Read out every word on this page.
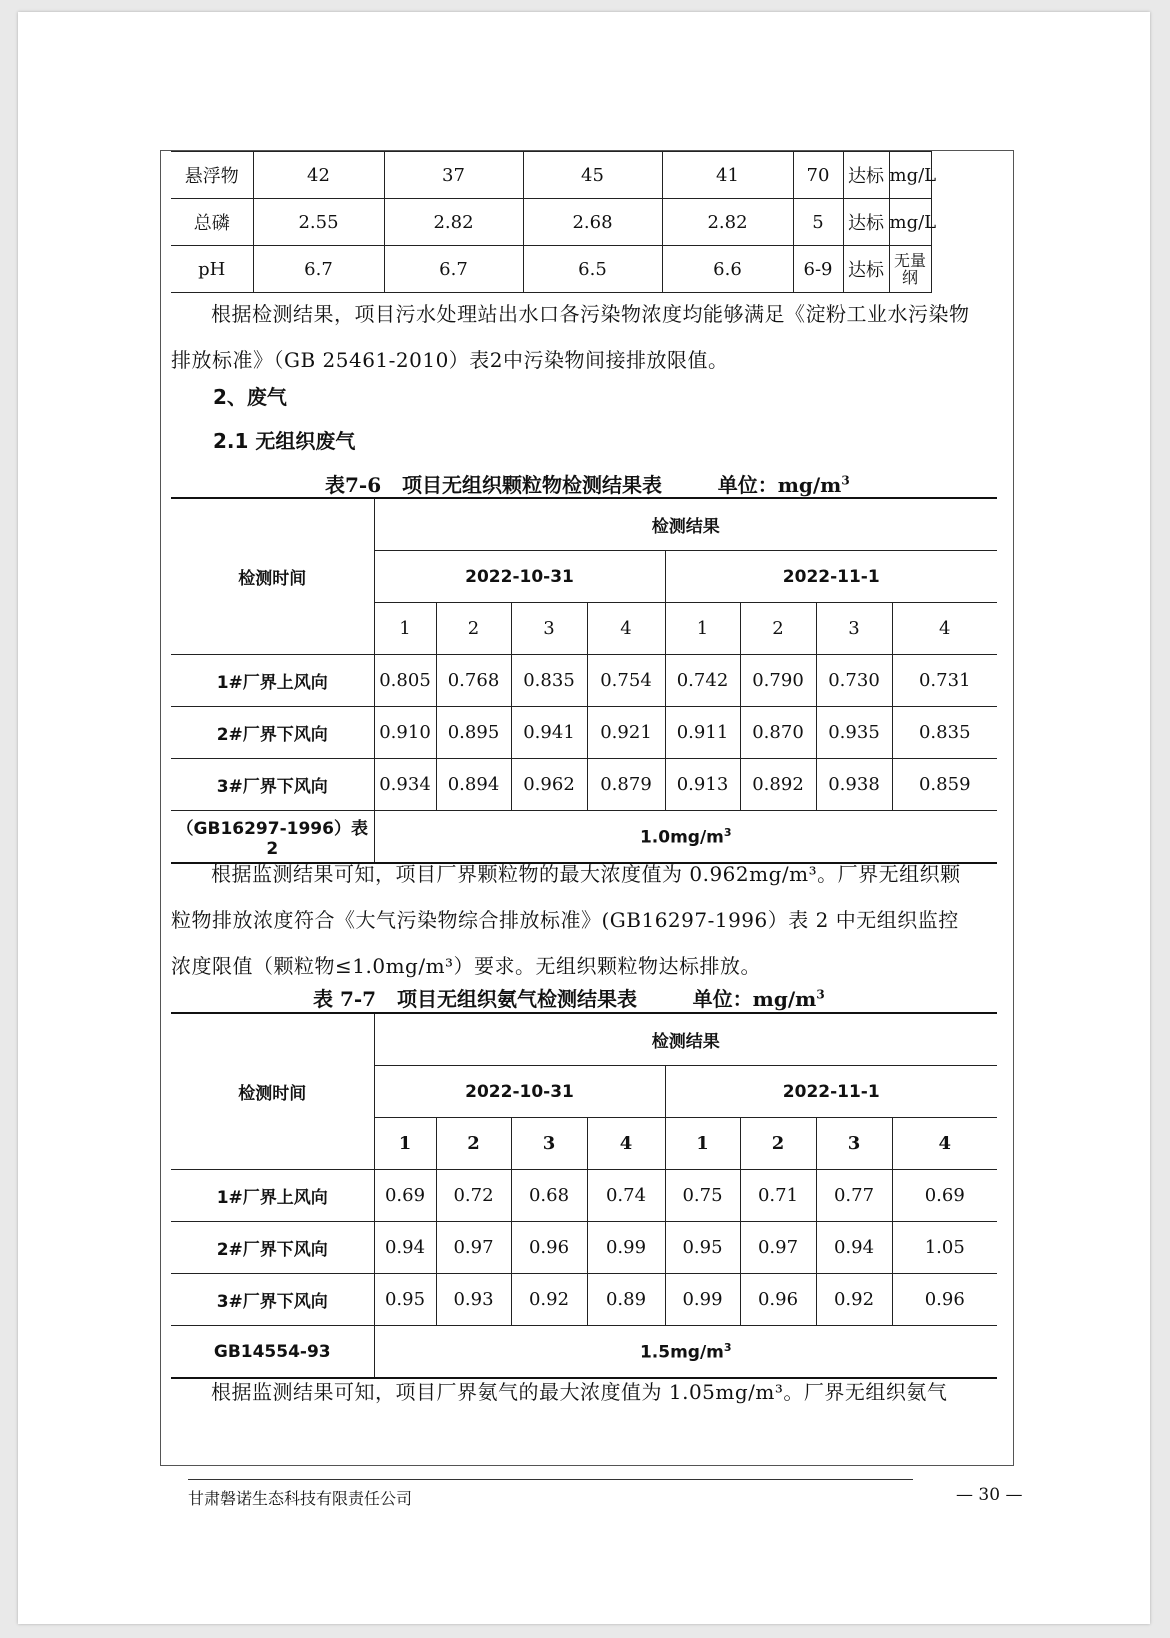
悬浮物	42	37	45	41	70	达标	mg/L
总磷	2.55	2.82	2.68	2.82	5	达标	mg/L
pH	6.7	6.7	6.5	6.6	6-9	达标	无量纲
根据检测结果，项目污水处理站出水口各污染物浓度均能够满足《淀粉工业水污染物排放标准》（GB 25461-2010）表2中污染物间接排放限值。
2、废气
2.1 无组织废气
表7-6   项目无组织颗粒物检测结果表        单位：$mg/m^3$
检测时间	检测结果							
	2022-10-31				2022-11-1			
	1	2	3	4	1	2	3	4
1#厂界上风向	0.805	0.768	0.835	0.754	0.742	0.790	0.730	0.731
2#厂界下风向	0.910	0.895	0.941	0.921	0.911	0.870	0.935	0.835
3#厂界下风向	0.934	0.894	0.962	0.879	0.913	0.892	0.938	0.859
（GB16297-1996）表 2	$1.0mg/m^3$
根据监测结果可知，项目厂界颗粒物的最大浓度值为 0.962mg/m³。厂界无组织颗粒物排放浓度符合《大气污染物综合排放标准》(GB16297-1996）表 2 中无组织监控浓度限值（颗粒物≤1.0mg/m³）要求。无组织颗粒物达标排放。
表 7-7   项目无组织氨气检测结果表        单位：$mg/m^3$
检测时间	检测结果							
	2022-10-31				2022-11-1			
	1	2	3	4	1	2	3	4
1#厂界上风向	0.69	0.72	0.68	0.74	0.75	0.71	0.77	0.69
2#厂界下风向	0.94	0.97	0.96	0.99	0.95	0.97	0.94	1.05
3#厂界下风向	0.95	0.93	0.92	0.89	0.99	0.96	0.92	0.96
GB14554-93	$1.5mg/m^3$
根据监测结果可知，项目厂界氨气的最大浓度值为 1.05mg/m³。厂界无组织氨气
甘肃磐诺生态科技有限责任公司	— 30 —
